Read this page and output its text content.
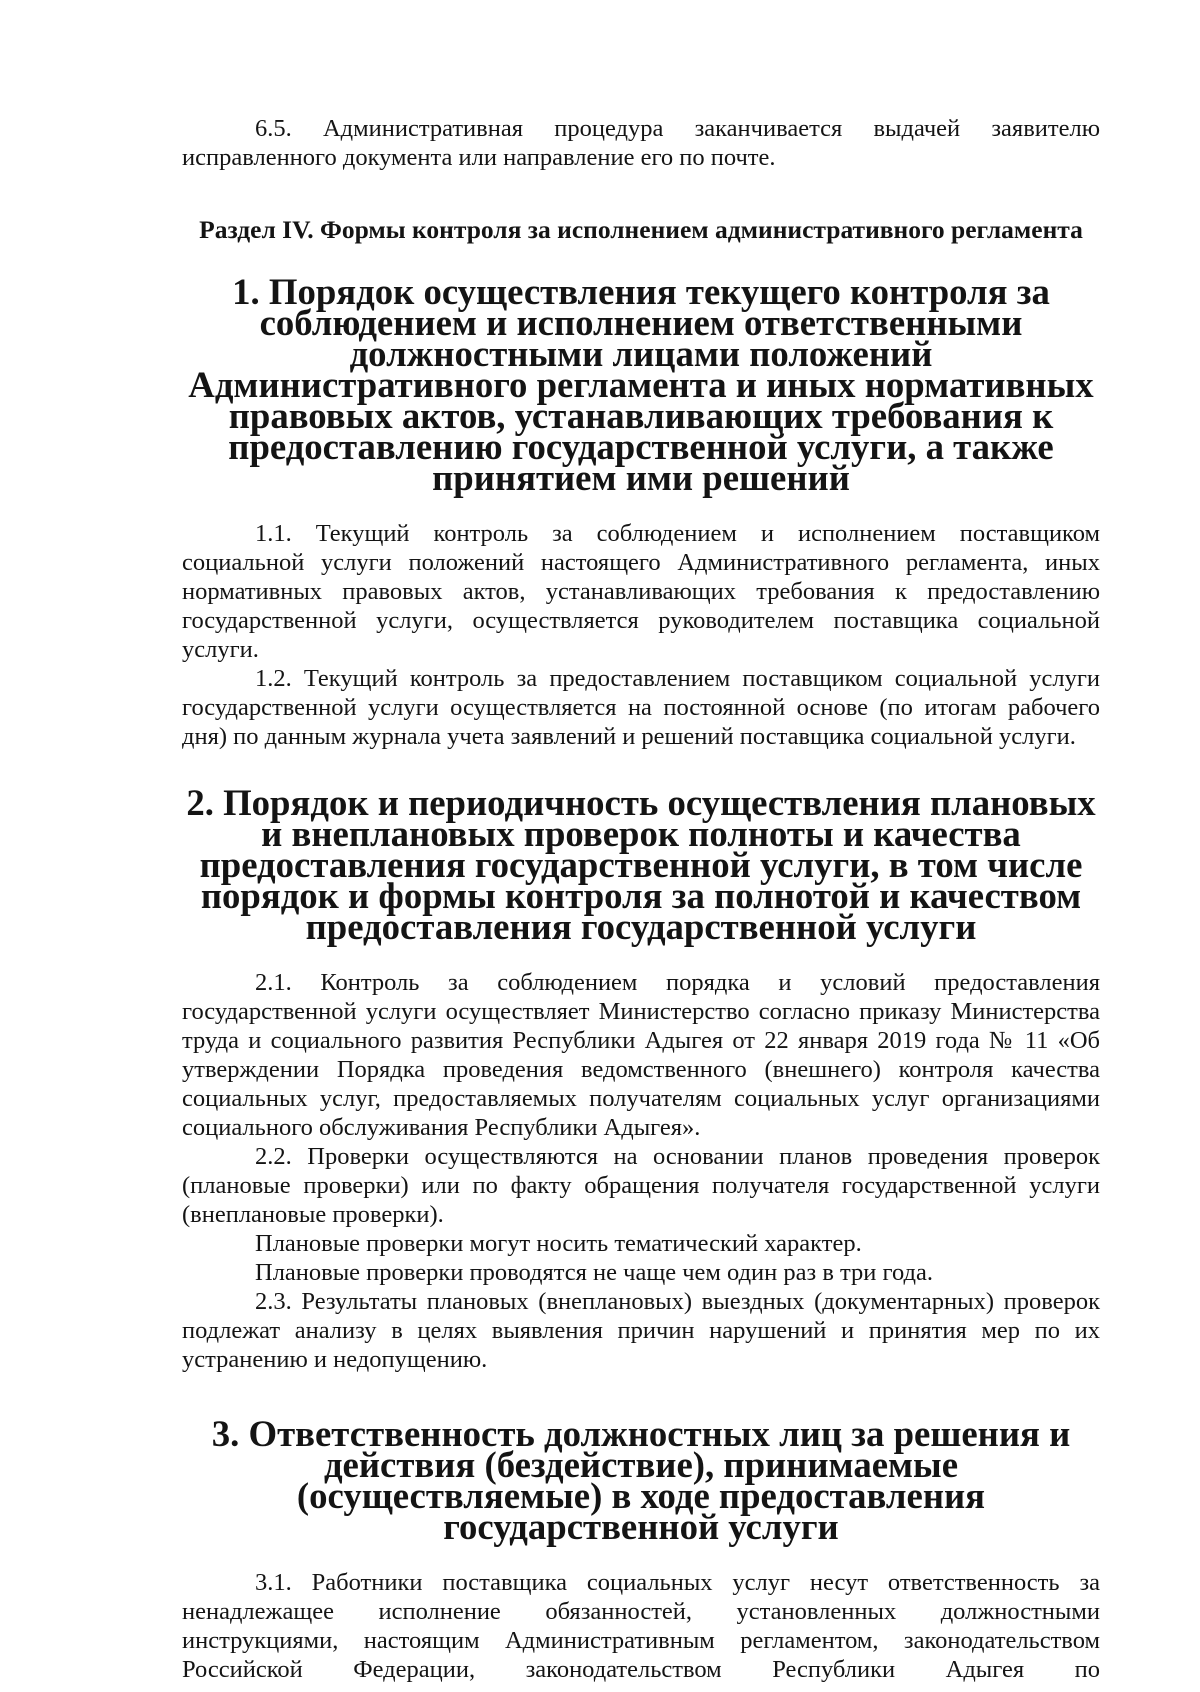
6.5. Административная процедура заканчивается выдачей заявителю исправленного документа или направление его по почте.

Раздел IV. Формы контроля за исполнением административного регламента
1. Порядок осуществления текущего контроля за соблюдением и исполнением ответственными должностными лицами положений Административного регламента и иных нормативных правовых актов, устанавливающих требования к предоставлению государственной услуги, а также принятием ими решений

1.1. Текущий контроль за соблюдением и исполнением поставщиком социальной услуги положений настоящего Административного регламента, иных нормативных правовых актов, устанавливающих требования к предоставлению государственной услуги, осуществляется руководителем поставщика социальной услуги.

1.2. Текущий контроль за предоставлением поставщиком социальной услуги государственной услуги осуществляется на постоянной основе (по итогам рабочего дня) по данным журнала учета заявлений и решений поставщика социальной услуги.

2. Порядок и периодичность осуществления плановых и внеплановых проверок полноты и качества предоставления государственной услуги, в том числе порядок и формы контроля за полнотой и качеством предоставления государственной услуги

2.1. Контроль за соблюдением порядка и условий предоставления государственной услуги осуществляет Министерство согласно приказу Министерства труда и социального развития Республики Адыгея от 22 января 2019 года № 11 «Об утверждении Порядка проведения ведомственного (внешнего) контроля качества социальных услуг, предоставляемых получателям социальных услуг организациями социального обслуживания Республики Адыгея».

2.2. Проверки осуществляются на основании планов проведения проверок (плановые проверки) или по факту обращения получателя государственной услуги (внеплановые проверки).

Плановые проверки могут носить тематический характер.

Плановые проверки проводятся не чаще чем один раз в три года.

2.3. Результаты плановых (внеплановых) выездных (документарных) проверок подлежат анализу в целях выявления причин нарушений и принятия мер по их устранению и недопущению.

3. Ответственность должностных лиц за решения и действия (бездействие), принимаемые (осуществляемые) в ходе предоставления государственной услуги

3.1. Работники поставщика социальных услуг несут ответственность за ненадлежащее исполнение обязанностей, установленных должностными инструкциями, настоящим Административным регламентом, законодательством Российской Федерации, законодательством Республики Адыгея по
